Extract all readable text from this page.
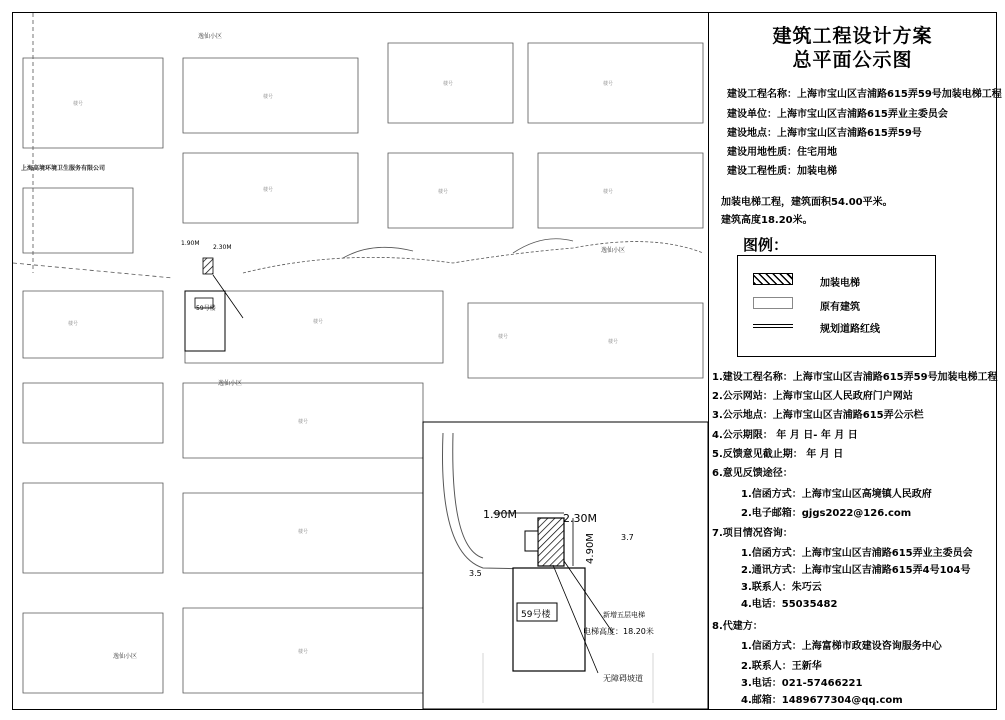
楼号
楼号
楼号	楼号
楼号	楼号	楼号
楼号	楼号
楼号
楼号
楼号
楼号
楼号
上海高境环境卫生服务有限公司
逸仙小区
逸仙小区
逸仙小区
逸仙小区
1.90M
2.30M
59号楼
1.90M	2.30M
4.90M	3.7
3.5
59号楼	新增五层电梯
电梯高度：18.20米
无障碍坡道
建筑工程设计方案
总平面公示图
建设工程名称：上海市宝山区吉浦路615弄59号加装电梯工程
建设单位：上海市宝山区吉浦路615弄业主委员会
建设地点：上海市宝山区吉浦路615弄59号
建设用地性质：住宅用地
建设工程性质：加装电梯
加装电梯工程，建筑面积54.00平米。
建筑高度18.20米。
图例：
加装电梯
原有建筑
规划道路红线
1.建设工程名称：上海市宝山区吉浦路615弄59号加装电梯工程
2.公示网站：上海市宝山区人民政府门户网站
3.公示地点：上海市宝山区吉浦路615弄公示栏
4.公示期限： 年 月 日- 年 月 日
5.反馈意见截止期： 年 月 日
6.意见反馈途径：
1.信函方式：上海市宝山区高境镇人民政府
2.电子邮箱：gjgs2022@126.com
7.项目情况咨询：
1.信函方式：上海市宝山区吉浦路615弄业主委员会
2.通讯方式：上海市宝山区吉浦路615弄4号104号
3.联系人：朱巧云
4.电话：55035482
8.代建方：
1.信函方式：上海富梯市政建设咨询服务中心
2.联系人：王新华
3.电话：021-57466221
4.邮箱：1489677304@qq.com
